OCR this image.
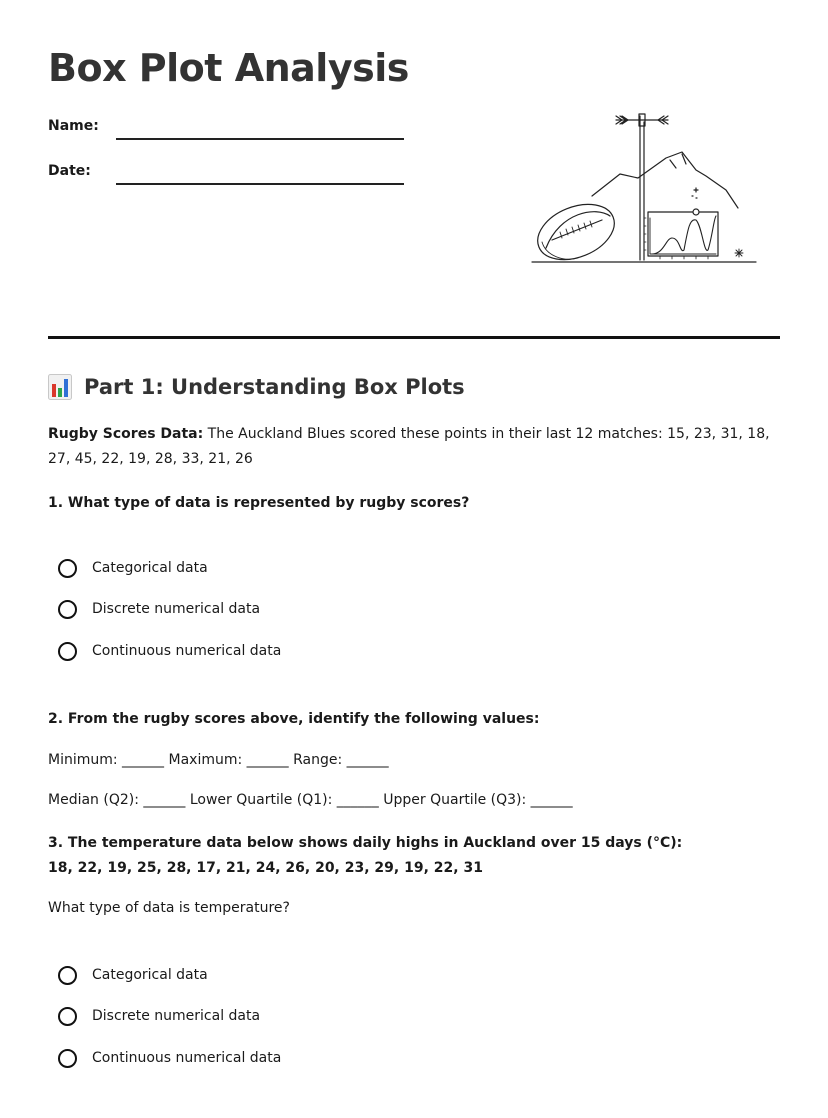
Box Plot Analysis
Name:
Date:
Part 1: Understanding Box Plots

Rugby Scores Data: The Auckland Blues scored these points in their last 12 matches: 15, 23, 31, 18, 27, 45, 22, 19, 28, 33, 21, 26

1. What type of data is represented by rugby scores?

Categorical data
Discrete numerical data
Continuous numerical data

2. From the rugby scores above, identify the following values:

Minimum: ______ Maximum: ______ Range: ______

Median (Q2): ______ Lower Quartile (Q1): ______ Upper Quartile (Q3): ______

3. The temperature data below shows daily highs in Auckland over 15 days (°C):

18, 22, 19, 25, 28, 17, 21, 24, 26, 20, 23, 29, 19, 22, 31

What type of data is temperature?

Categorical data
Discrete numerical data
Continuous numerical data
